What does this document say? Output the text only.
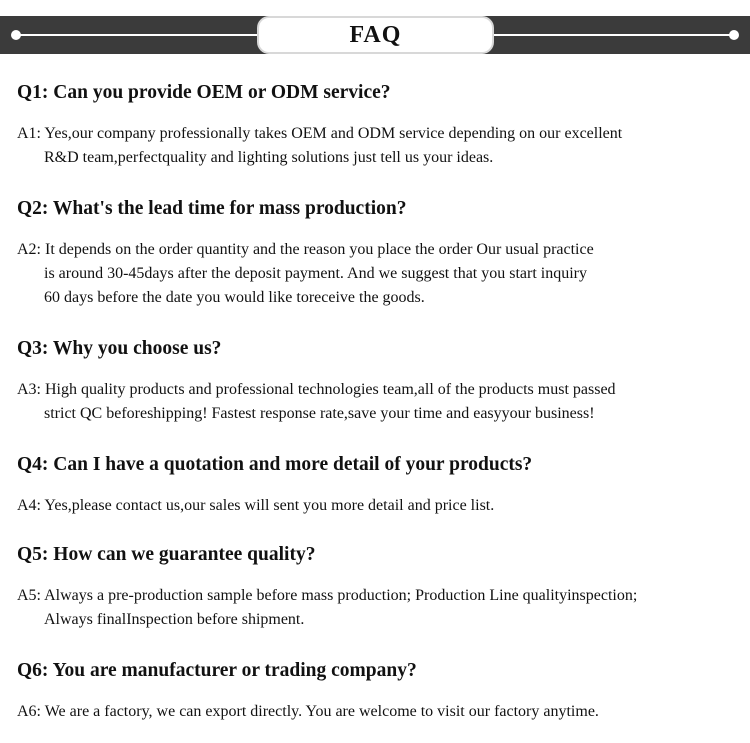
FAQ
Q1: Can you provide OEM or ODM service?
A1: Yes,our company professionally takes OEM and ODM service depending on our excellent
R&D team,perfectquality and lighting solutions just tell us your ideas.
Q2: What's the lead time for mass production?
A2: It depends on the order quantity and the reason you place the order Our usual practice
is around 30-45days after the deposit payment. And we suggest that you start inquiry
60 days before the date you would like toreceive the goods.
Q3: Why you choose us?
A3: High quality products and professional technologies team,all of the products must passed
strict QC beforeshipping! Fastest response rate,save your time and easyyour business!
Q4: Can I have a quotation and more detail of your products?
A4: Yes,please contact us,our sales will sent you more detail and price list.
Q5: How can we guarantee quality?
A5: Always a pre-production sample before mass production; Production Line qualityinspection;
Always finalInspection before shipment.
Q6: You are manufacturer or trading company?
A6: We are a factory, we can export directly. You are welcome to visit our factory anytime.
